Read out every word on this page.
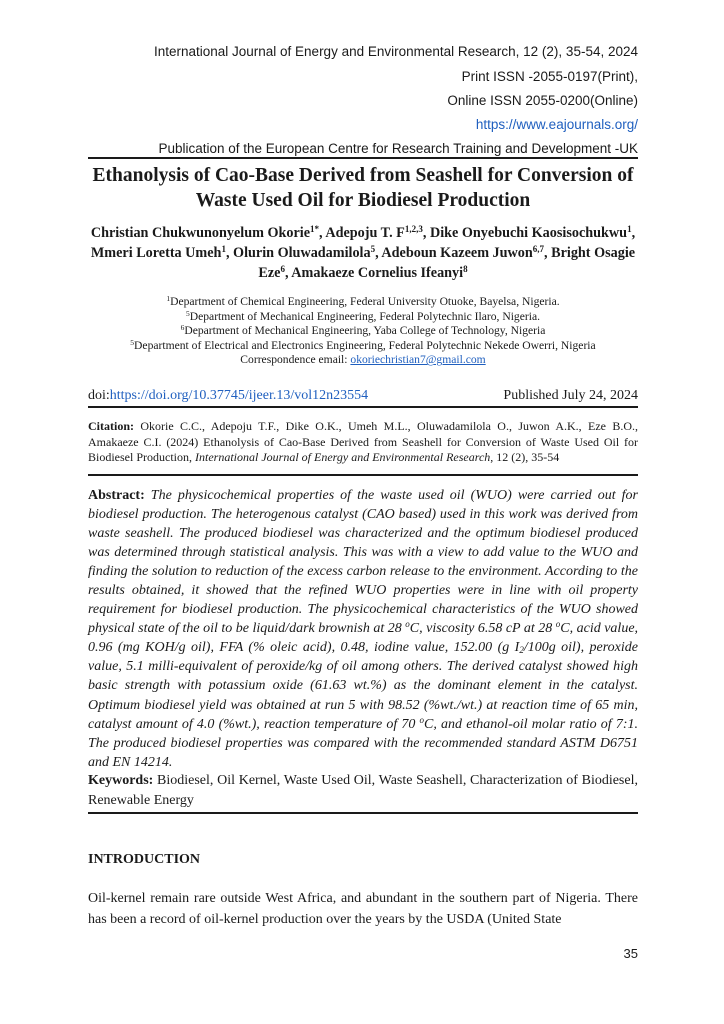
International Journal of Energy and Environmental Research, 12 (2), 35-54, 2024
Print ISSN -2055-0197(Print),
Online ISSN 2055-0200(Online)
https://www.eajournals.org/
Publication of the European Centre for Research Training and Development -UK
Ethanolysis of Cao-Base Derived from Seashell for Conversion of
Waste Used Oil for Biodiesel Production
Christian Chukwunonyelum Okorie$^{1*}$, Adepoju T. F$^{1,2,3}$, Dike Onyebuchi Kaosisochukwu$^1$, Mmeri Loretta Umeh$^1$, Olurin Oluwadamilola$^5$, Adeboun Kazeem Juwon$^{6,7}$, Bright Osagie Eze$^6$, Amakaeze Cornelius Ifeanyi$^8$
$^1$Department of Chemical Engineering, Federal University Otuoke, Bayelsa, Nigeria.
$^5$Department of Mechanical Engineering, Federal Polytechnic Ilaro, Nigeria.
$^6$Department of Mechanical Engineering, Yaba College of Technology, Nigeria
$^5$Department of Electrical and Electronics Engineering, Federal Polytechnic Nekede Owerri, Nigeria
Correspondence email: okoriechristian7@gmail.com
doi:https://doi.org/10.37745/ijeer.13/vol12n23554	Published July 24, 2024
Citation: Okorie C.C., Adepoju T.F., Dike O.K., Umeh M.L., Oluwadamilola O., Juwon A.K., Eze B.O., Amakaeze C.I. (2024) Ethanolysis of Cao-Base Derived from Seashell for Conversion of Waste Used Oil for Biodiesel Production, International Journal of Energy and Environmental Research, 12 (2), 35-54
Abstract: The physicochemical properties of the waste used oil (WUO) were carried out for biodiesel production. The heterogenous catalyst (CAO based) used in this work was derived from waste seashell. The produced biodiesel was characterized and the optimum biodiesel produced was determined through statistical analysis. This was with a view to add value to the WUO and finding the solution to reduction of the excess carbon release to the environment. According to the results obtained, it showed that the refined WUO properties were in line with oil property requirement for biodiesel production. The physicochemical characteristics of the WUO showed physical state of the oil to be liquid/dark brownish at 28 $^o$C, viscosity 6.58 cP at 28 $^o$C, acid value, 0.96 (mg KOH/g oil), FFA (% oleic acid), 0.48, iodine value, 152.00 (g $I_2/100g$ oil), peroxide value, 5.1 milli-equivalent of peroxide/kg of oil among others. The derived catalyst showed high basic strength with potassium oxide (61.63 wt.%) as the dominant element in the catalyst. Optimum biodiesel yield was obtained at run 5 with 98.52 (%wt./wt.) at reaction time of 65 min, catalyst amount of 4.0 (%wt.), reaction temperature of 70 $^o$C, and ethanol-oil molar ratio of 7:1. The produced biodiesel properties was compared with the recommended standard ASTM D6751 and EN 14214.
Keywords: Biodiesel, Oil Kernel, Waste Used Oil, Waste Seashell, Characterization of Biodiesel, Renewable Energy
INTRODUCTION
Oil-kernel remain rare outside West Africa, and abundant in the southern part of Nigeria. There has been a record of oil-kernel production over the years by the USDA (United State
35
